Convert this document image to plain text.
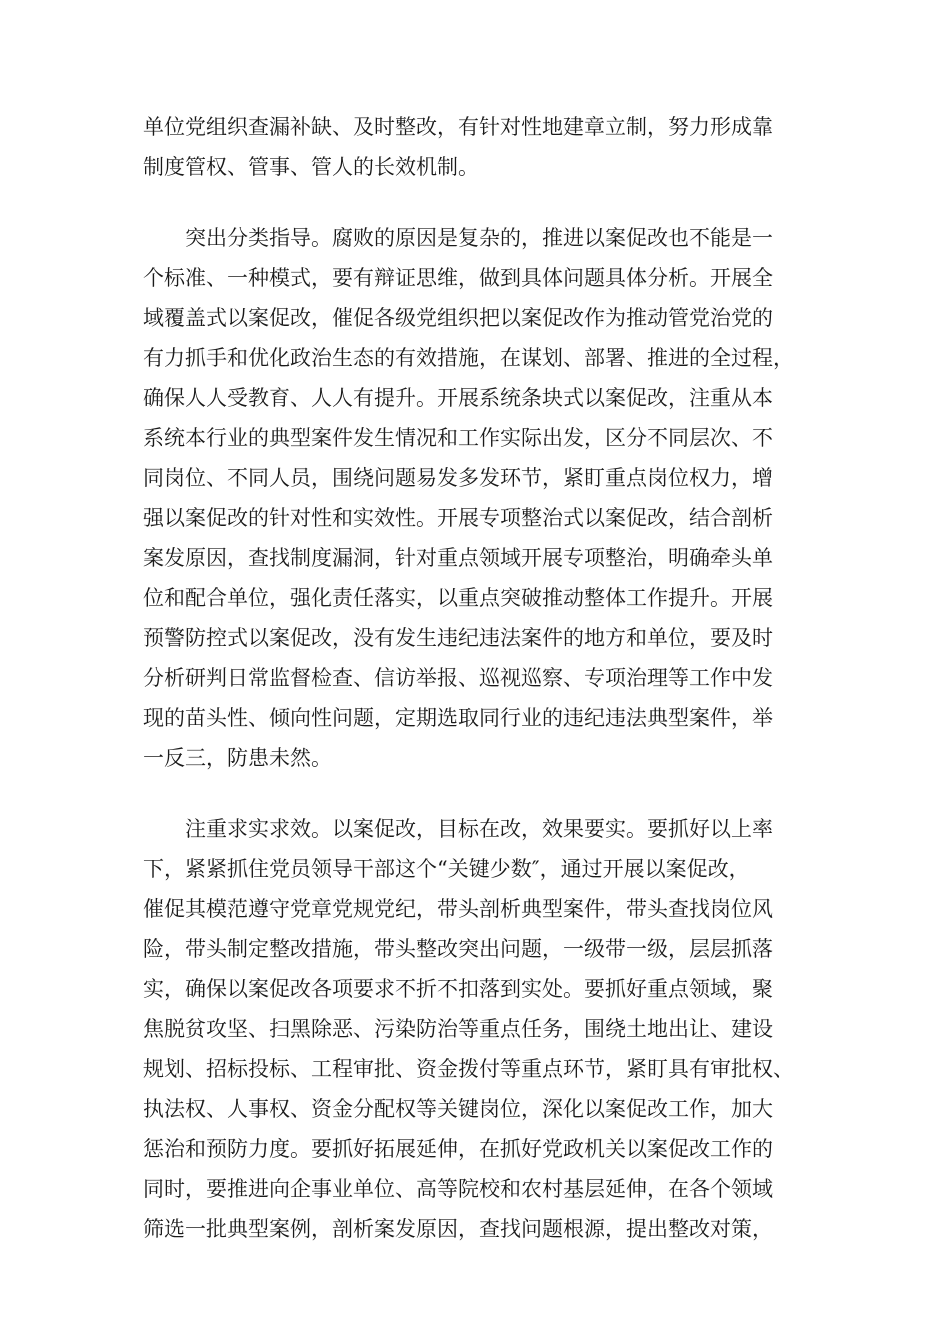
单位党组织查漏补缺、及时整改，有针对性地建章立制，努力形成靠
制度管权、管事、管人的长效机制。
突出分类指导。腐败的原因是复杂的，推进以案促改也不能是一
个标准、一种模式，要有辩证思维，做到具体问题具体分析。开展全
域覆盖式以案促改，催促各级党组织把以案促改作为推动管党治党的
有力抓手和优化政治生态的有效措施，在谋划、部署、推进的全过程，
确保人人受教育、人人有提升。开展系统条块式以案促改，注重从本
系统本行业的典型案件发生情况和工作实际出发，区分不同层次、不
同岗位、不同人员，围绕问题易发多发环节，紧盯重点岗位权力，增
强以案促改的针对性和实效性。开展专项整治式以案促改，结合剖析
案发原因，查找制度漏洞，针对重点领域开展专项整治，明确牵头单
位和配合单位，强化责任落实，以重点突破推动整体工作提升。开展
预警防控式以案促改，没有发生违纪违法案件的地方和单位，要及时
分析研判日常监督检查、信访举报、巡视巡察、专项治理等工作中发
现的苗头性、倾向性问题，定期选取同行业的违纪违法典型案件，举
一反三，防患未然。
注重求实求效。以案促改，目标在改，效果要实。要抓好以上率
下，紧紧抓住党员领导干部这个“关键少数″，通过开展以案促改，
催促其模范遵守党章党规党纪，带头剖析典型案件，带头查找岗位风
险，带头制定整改措施，带头整改突出问题，一级带一级，层层抓落
实，确保以案促改各项要求不折不扣落到实处。要抓好重点领域，聚
焦脱贫攻坚、扫黑除恶、污染防治等重点任务，围绕土地出让、建设
规划、招标投标、工程审批、资金拨付等重点环节，紧盯具有审批权、
执法权、人事权、资金分配权等关键岗位，深化以案促改工作，加大
惩治和预防力度。要抓好拓展延伸，在抓好党政机关以案促改工作的
同时，要推进向企事业单位、高等院校和农村基层延伸，在各个领域
筛选一批典型案例，剖析案发原因，查找问题根源，提出整改对策，
